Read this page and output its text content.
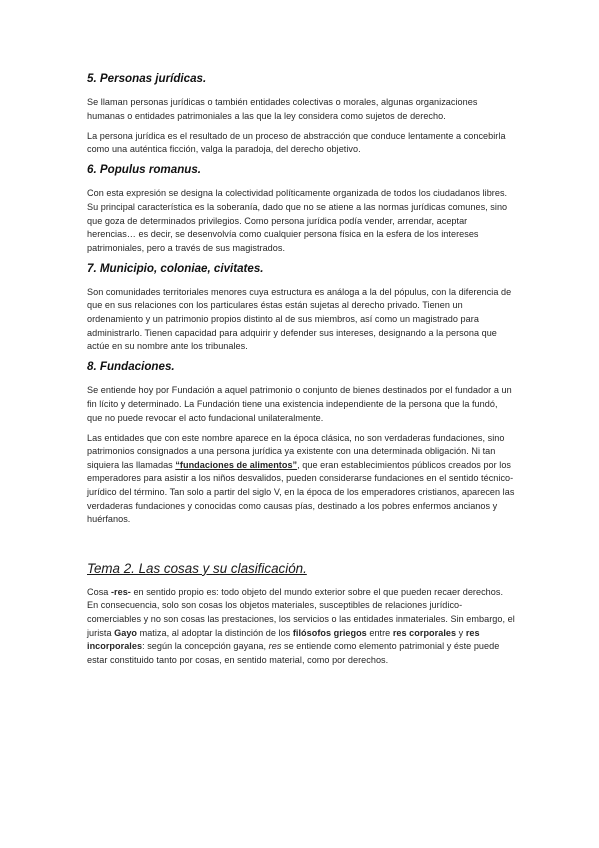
5. Personas jurídicas.

Se llaman personas jurídicas o también entidades colectivas o morales, algunas organizaciones humanas o entidades patrimoniales a las que la ley considera como sujetos de derecho.

La persona jurídica es el resultado de un proceso de abstracción que conduce lentamente a concebirla como una auténtica ficción, valga la paradoja, del derecho objetivo.

6. Populus romanus.

Con esta expresión se designa la colectividad políticamente organizada de todos los ciudadanos libres. Su principal característica es la soberanía, dado que no se atiene a las normas jurídicas comunes, sino que goza de determinados privilegios. Como persona jurídica podía vender, arrendar, aceptar herencias… es decir, se desenvolvía como cualquier persona física en la esfera de los intereses patrimoniales, pero a través de sus magistrados.

7. Municipio, coloniae, civitates.

Son comunidades territoriales menores cuya estructura es análoga a la del pópulus, con la diferencia de que en sus relaciones con los particulares éstas están sujetas al derecho privado. Tienen un ordenamiento y un patrimonio propios distinto al de sus miembros, así como un magistrado para administrarlo. Tienen capacidad para adquirir y defender sus intereses, designando a la persona que actúe en su nombre ante los tribunales.

8. Fundaciones.

Se entiende hoy por Fundación a aquel patrimonio o conjunto de bienes destinados por el fundador a un fin lícito y determinado. La Fundación tiene una existencia independiente de la persona que la fundó, que no puede revocar el acto fundacional unilateralmente.

Las entidades que con este nombre aparece en la época clásica, no son verdaderas fundaciones, sino patrimonios consignados a una persona jurídica ya existente con una determinada obligación. Ni tan siquiera las llamadas “fundaciones de alimentos”, que eran establecimientos públicos creados por los emperadores para asistir a los niños desvalidos, pueden considerarse fundaciones en el sentido técnico-jurídico del término. Tan solo a partir del siglo V, en la época de los emperadores cristianos, aparecen las verdaderas fundaciones y conocidas como causas pías, destinado a los pobres enfermos ancianos y huérfanos.

Tema 2. Las cosas y su clasificación.

Cosa -res- en sentido propio es: todo objeto del mundo exterior sobre el que pueden recaer derechos. En consecuencia, solo son cosas los objetos materiales, susceptibles de relaciones jurídico-comerciables y no son cosas las prestaciones, los servicios o las entidades inmateriales. Sin embargo, el jurista Gayo matiza, al adoptar la distinción de los filósofos griegos entre res corporales y res incorporales: según la concepción gayana, res se entiende como elemento patrimonial y éste puede estar constituido tanto por cosas, en sentido material, como por derechos.
